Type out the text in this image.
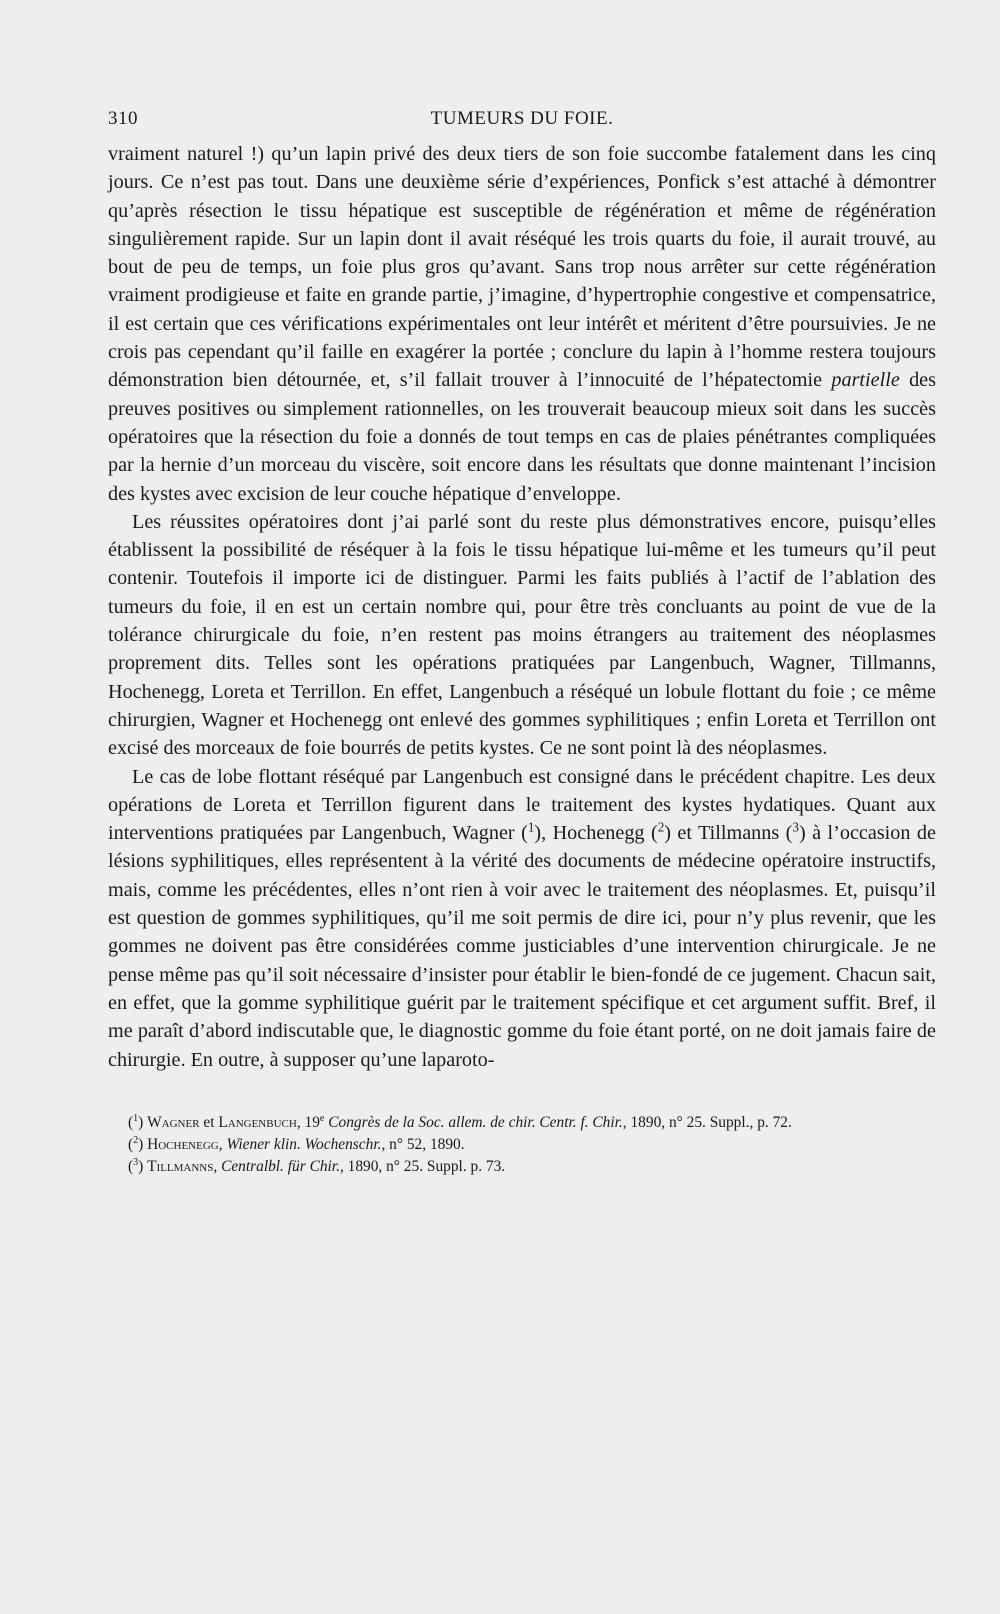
310	TUMEURS DU FOIE.

vraiment naturel !) qu’un lapin privé des deux tiers de son foie succombe fatalement dans les cinq jours. Ce n’est pas tout. Dans une deuxième série d’expériences, Ponfick s’est attaché à démontrer qu’après résection le tissu hépatique est susceptible de régénération et même de régénération singulièrement rapide. Sur un lapin dont il avait réséqué les trois quarts du foie, il aurait trouvé, au bout de peu de temps, un foie plus gros qu’avant. Sans trop nous arrêter sur cette régénération vraiment prodigieuse et faite en grande partie, j’imagine, d’hypertrophie congestive et compensatrice, il est certain que ces vérifications expérimentales ont leur intérêt et méritent d’être poursuivies. Je ne crois pas cependant qu’il faille en exagérer la portée ; conclure du lapin à l’homme restera toujours démonstration bien détournée, et, s’il fallait trouver à l’innocuité de l’hépatectomie partielle des preuves positives ou simplement rationnelles, on les trouverait beaucoup mieux soit dans les succès opératoires que la résection du foie a donnés de tout temps en cas de plaies pénétrantes compliquées par la hernie d’un morceau du viscère, soit encore dans les résultats que donne maintenant l’incision des kystes avec excision de leur couche hépatique d’enveloppe.

Les réussites opératoires dont j’ai parlé sont du reste plus démonstratives encore, puisqu’elles établissent la possibilité de réséquer à la fois le tissu hépatique lui-même et les tumeurs qu’il peut contenir. Toutefois il importe ici de distinguer. Parmi les faits publiés à l’actif de l’ablation des tumeurs du foie, il en est un certain nombre qui, pour être très concluants au point de vue de la tolérance chirurgicale du foie, n’en restent pas moins étrangers au traitement des néoplasmes proprement dits. Telles sont les opérations pratiquées par Langenbuch, Wagner, Tillmanns, Hochenegg, Loreta et Terrillon. En effet, Langenbuch a réséqué un lobule flottant du foie ; ce même chirurgien, Wagner et Hochenegg ont enlevé des gommes syphilitiques ; enfin Loreta et Terrillon ont excisé des morceaux de foie bourrés de petits kystes. Ce ne sont point là des néoplasmes.

Le cas de lobe flottant réséqué par Langenbuch est consigné dans le précédent chapitre. Les deux opérations de Loreta et Terrillon figurent dans le traitement des kystes hydatiques. Quant aux interventions pratiquées par Langenbuch, Wagner ($^1$), Hochenegg ($^2$) et Tillmanns ($^3$) à l’occasion de lésions syphilitiques, elles représentent à la vérité des documents de médecine opératoire instructifs, mais, comme les précédentes, elles n’ont rien à voir avec le traitement des néoplasmes. Et, puisqu’il est question de gommes syphilitiques, qu’il me soit permis de dire ici, pour n’y plus revenir, que les gommes ne doivent pas être considérées comme justiciables d’une intervention chirurgicale. Je ne pense même pas qu’il soit nécessaire d’insister pour établir le bien-fondé de ce jugement. Chacun sait, en effet, que la gomme syphilitique guérit par le traitement spécifique et cet argument suffit. Bref, il me paraît d’abord indiscutable que, le diagnostic gomme du foie étant porté, on ne doit jamais faire de chirurgie. En outre, à supposer qu’une laparoto-

($^1$) Wagner et Langenbuch, 19e Congrès de la Soc. allem. de chir. Centr. f. Chir., 1890, n° 25. Suppl., p. 72.

($^2$) Hochenegg, Wiener klin. Wochenschr., n° 52, 1890.

($^3$) Tillmanns, Centralbl. für Chir., 1890, n° 25. Suppl. p. 73.
